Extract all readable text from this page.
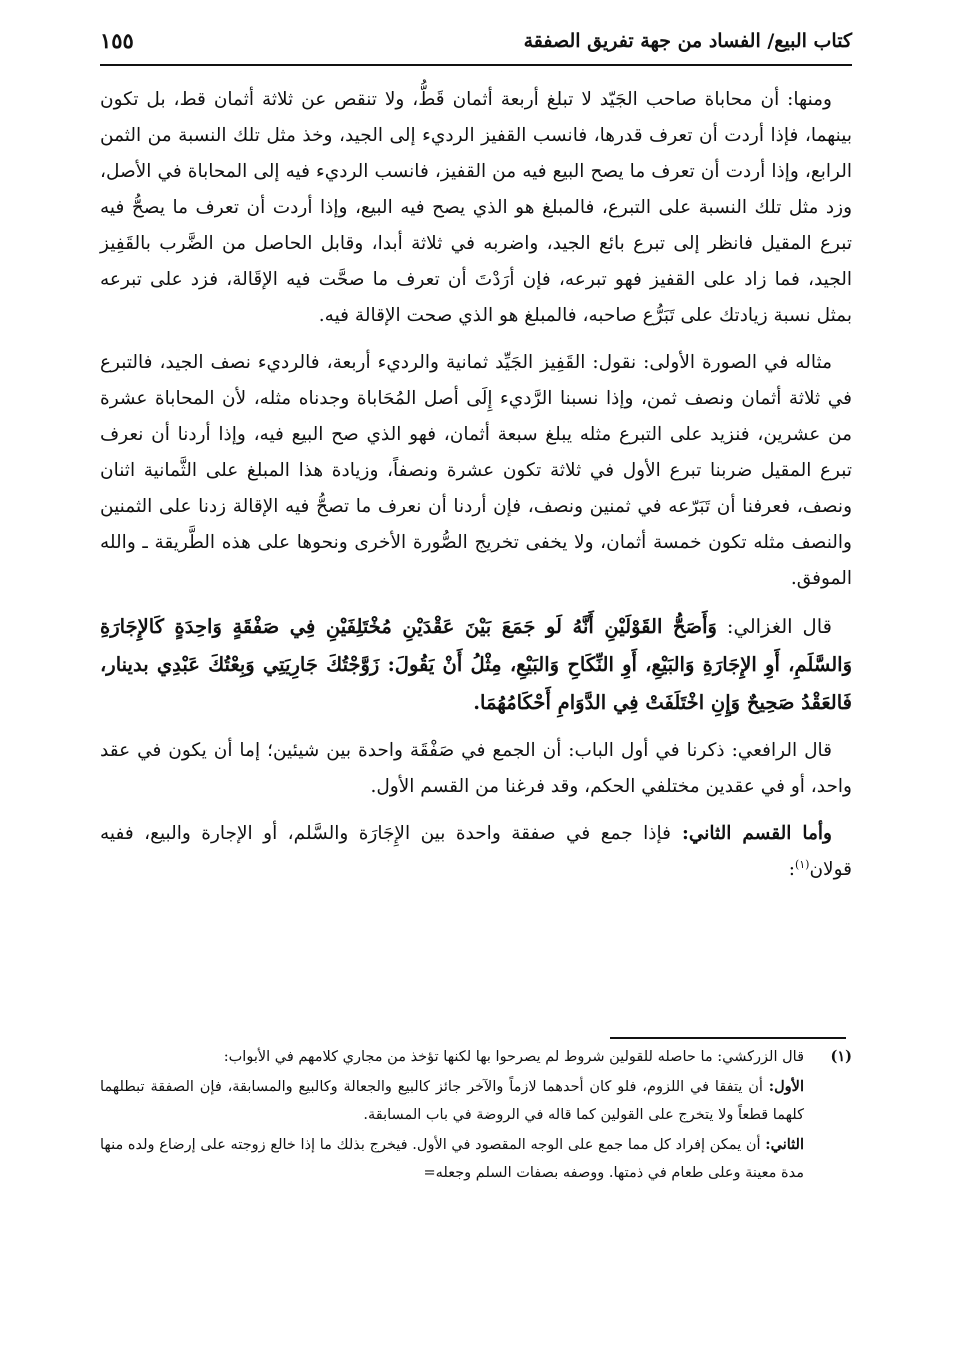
كتاب البيع/ الفساد من جهة تفريق الصفقة
١٥٥

ومنها: أن محاباة صاحب الجَيّد لا تبلغ أربعة أثمان قَطُّ، ولا تنقص عن ثلاثة أثمان قط، بل تكون بينهما، فإذا أردت أن تعرف قدرها، فانسب القفيز الرديء إلى الجيد، وخذ مثل تلك النسبة من الثمن الرابع، وإذا أردت أن تعرف ما يصح البيع فيه من القفيز، فانسب الرديء فيه إلى المحاباة في الأصل، وزد مثل تلك النسبة على التبرع، فالمبلغ هو الذي يصح فيه البيع، وإذا أردت أن تعرف ما يصحُّ فيه تبرع المقيل فانظر إلى تبرع بائع الجيد، واضربه في ثلاثة أبدا، وقابل الحاصل من الضَّرب بالقَفِيز الجيد، فما زاد على القفيز فهو تبرعه، فإن أرَدْتَ أن تعرف ما صحَّت فيه الإقَالة، فزد على تبرعه بمثل نسبة زيادتك على تَبَرُّع صاحبه، فالمبلغ هو الذي صحت الإقالة فيه.

مثاله في الصورة الأولى: نقول: القَفِيز الجَيِّد ثمانية والرديء أربعة، فالرديء نصف الجيد، فالتبرع في ثلاثة أثمان ونصف ثمن، وإذا نسبنا الرَّديء إِلَى أصل المُحَاباة وجدناه مثله، لأن المحاباة عشرة من عشرين، فنزيد على التبرع مثله يبلغ سبعة أثمان، فهو الذي صح البيع فيه، وإذا أردنا أن نعرف تبرع المقيل ضربنا تبرع الأول في ثلاثة تكون عشرة ونصفاً، وزيادة هذا المبلغ على الثَّمانية اثنان ونصف، فعرفنا أن تَبَرّعه في ثمنين ونصف، فإن أردنا أن نعرف ما تصحُّ فيه الإقالة زدنا على الثمنين والنصف مثله تكون خمسة أثمان، ولا يخفى تخريج الصُّورة الأخرى ونحوها على هذه الطَّريقة ـ والله الموفق.

قال الغزالي: وَأَصَحُّ القَوْلَيْنِ أَنَّهُ لَو جَمَعَ بَيْنَ عَقْدَيْنِ مُخْتَلِفَيْنِ فِي صَفْقَةٍ وَاحِدَةٍ كَالإِجَارَةِ وَالسَّلَمِ، أَوِ الإِجَارَةِ وَالبَيْعِ، أَوِ النِّكَاحِ وَالبَيْعِ، مِثْلُ أَنْ يَقُولَ: زَوَّجْتُكَ جَارِيَتِي وَبِعْتُكَ عَبْدِي بدينار، فَالعَقْدُ صَحِيحٌ وَإِنِ اخْتَلَفَتْ فِي الدَّوَامِ أَحْكَامُهُمَا.

قال الرافعي: ذكرنا في أول الباب: أن الجمع في صَفْقَة واحدة بين شيئين؛ إما أن يكون في عقد واحد، أو في عقدين مختلفي الحكم، وقد فرغنا من القسم الأول.

وأما القسم الثاني: فإذا جمع في صفقة واحدة بين الإِجَارَة والسَّلم، أو الإجارة والبيع، ففيه قولان$^{(١)}$:

(١)

قال الزركشي: ما حاصله للقولين شروط لم يصرحوا بها لكنها تؤخذ من مجاري كلامهم في الأبواب:

الأول: أن يتفقا في اللزوم، فلو كان أحدهما لازماً والآخر جائز كالبيع والجعالة وكالبيع والمسابقة، فإن الصفقة تبطلهما كلهما قطعاً ولا يتخرج على القولين كما قاله في الروضة في باب المسابقة.

الثاني: أن يمكن إفراد كل مما جمع على الوجه المقصود في الأول. فيخرج بذلك ما إذا خالع زوجته على إرضاع ولده منها مدة معينة وعلى طعام في ذمتها. ووصفه بصفات السلم وجعله=
